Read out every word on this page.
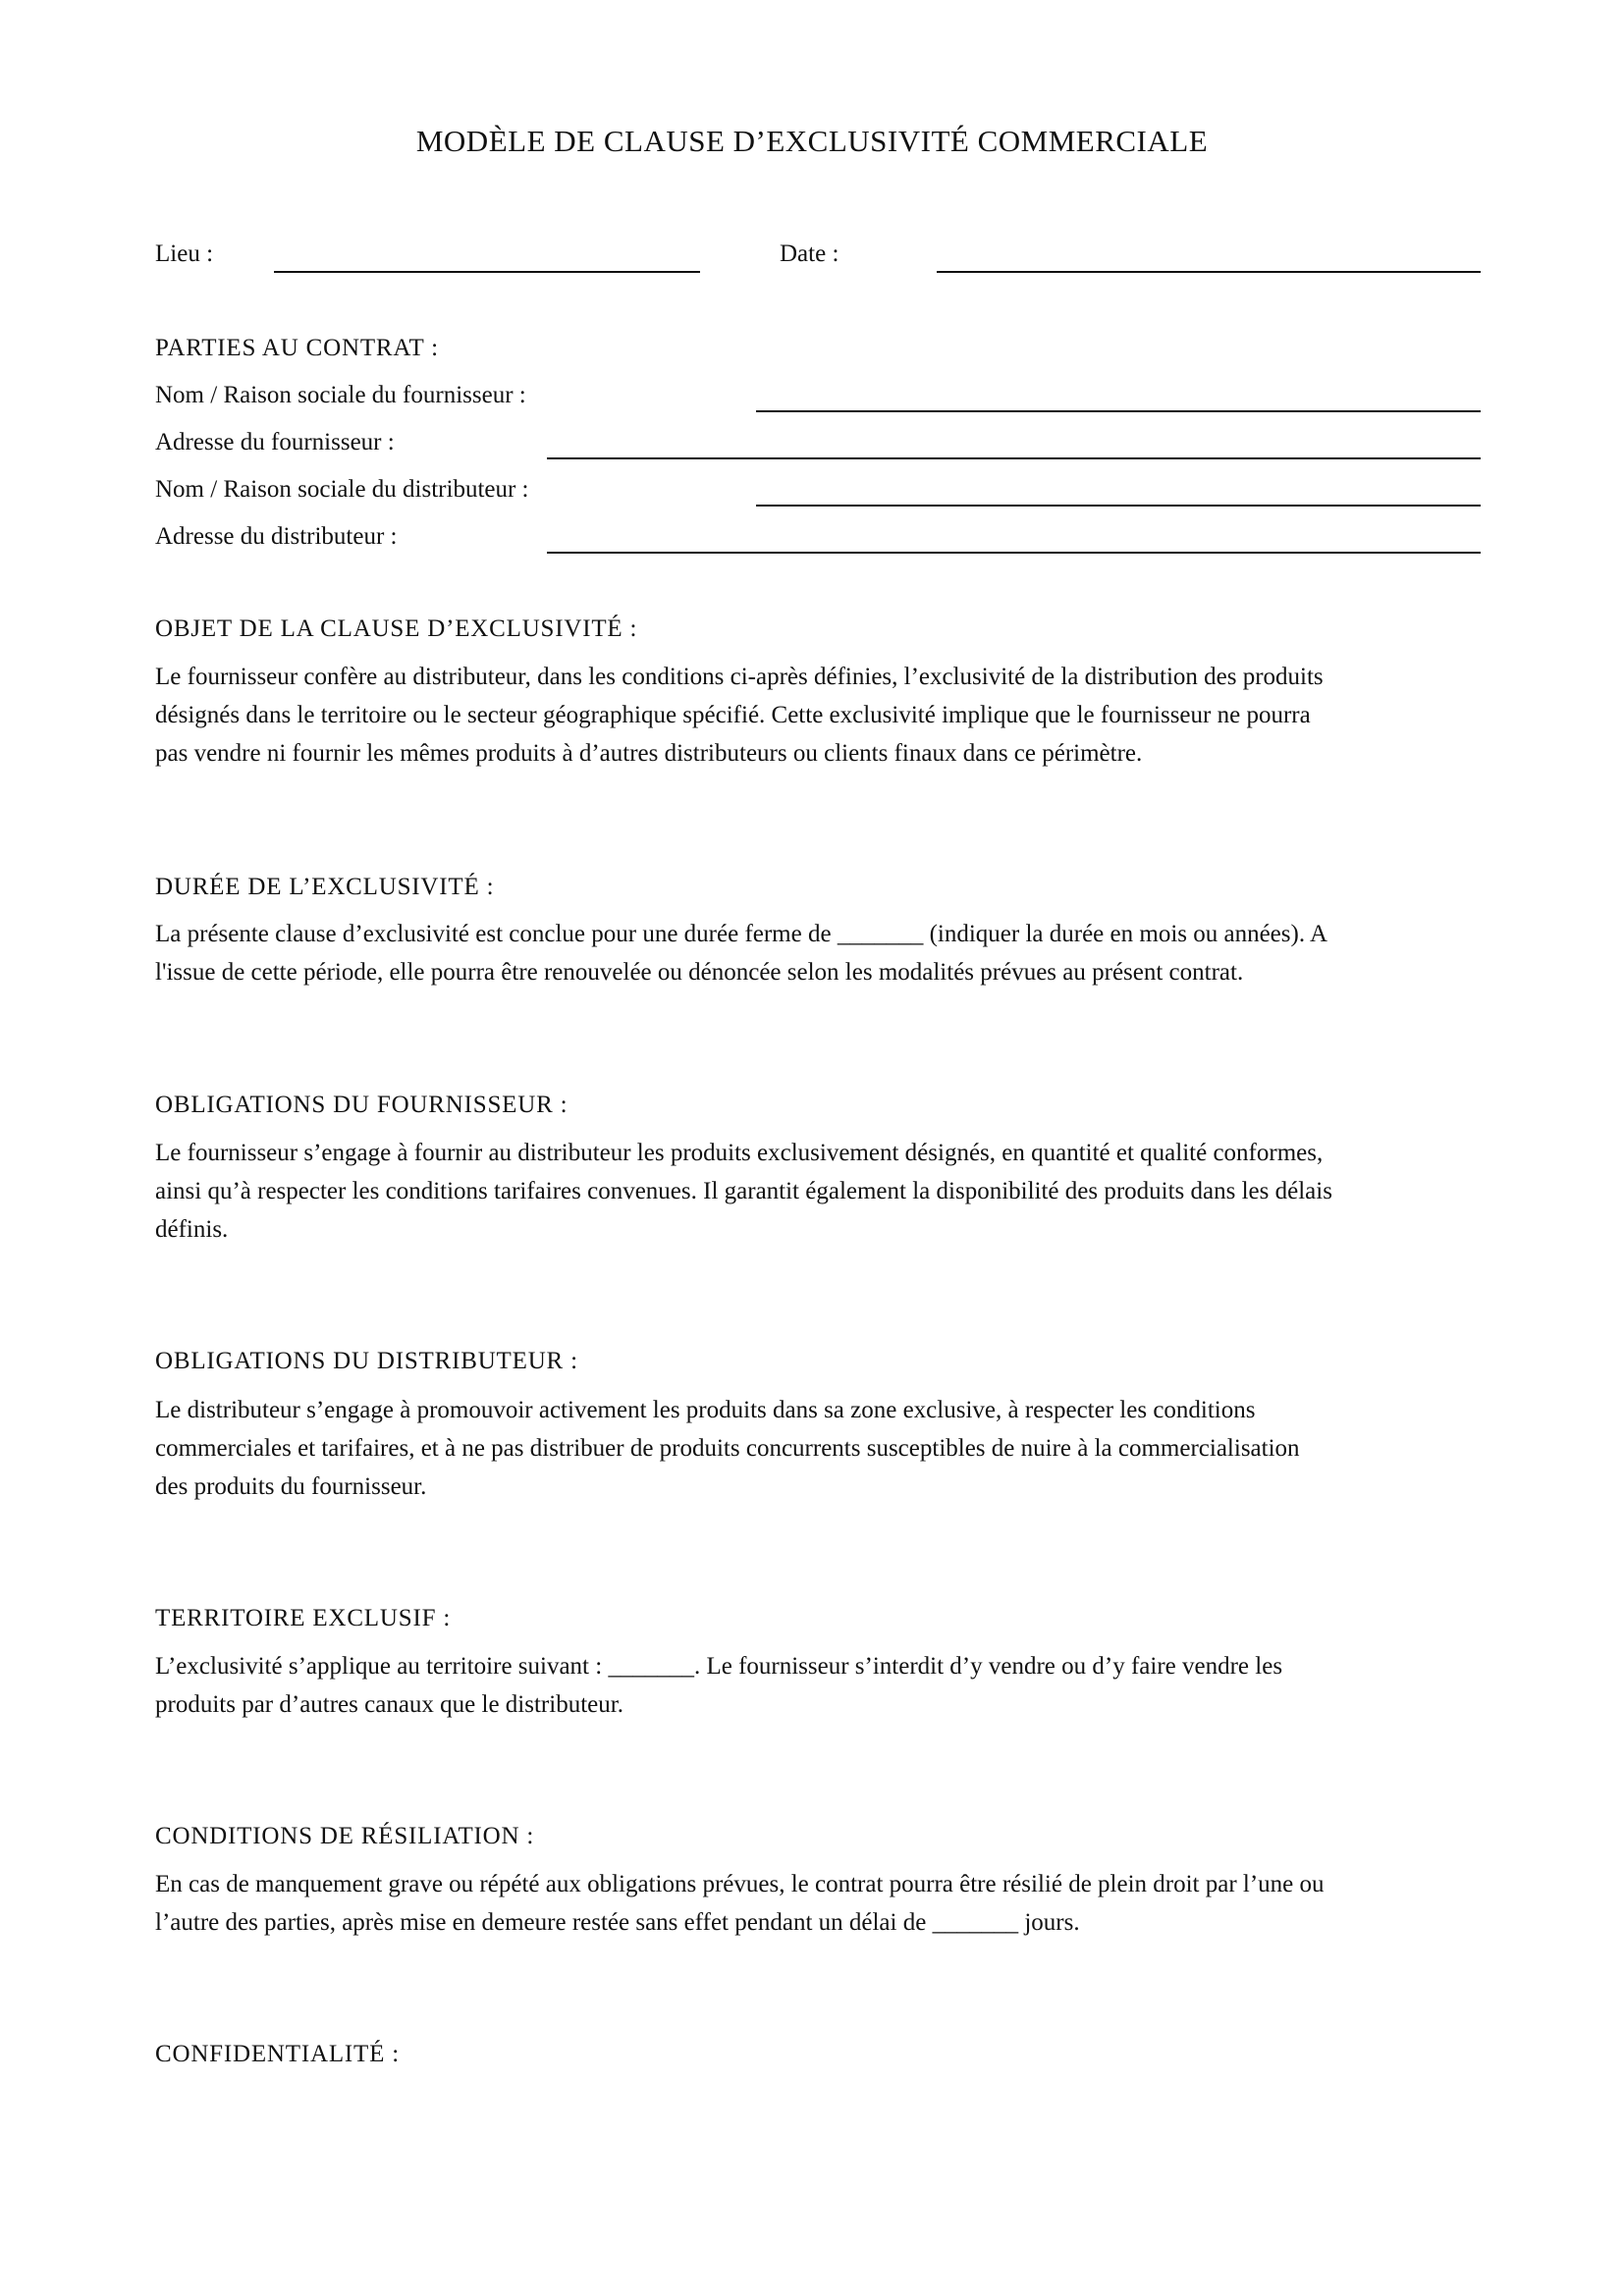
MODÈLE DE CLAUSE D’EXCLUSIVITÉ COMMERCIALE
Lieu :	Date :
PARTIES AU CONTRAT :
Nom / Raison sociale du fournisseur :
Adresse du fournisseur :
Nom / Raison sociale du distributeur :
Adresse du distributeur :
OBJET DE LA CLAUSE D’EXCLUSIVITÉ :

Le fournisseur confère au distributeur, dans les conditions ci-après définies, l’exclusivité de la distribution des produits
désignés dans le territoire ou le secteur géographique spécifié. Cette exclusivité implique que le fournisseur ne pourra
pas vendre ni fournir les mêmes produits à d’autres distributeurs ou clients finaux dans ce périmètre.

DURÉE DE L’EXCLUSIVITÉ :

La présente clause d’exclusivité est conclue pour une durée ferme de _______ (indiquer la durée en mois ou années). A
l'issue de cette période, elle pourra être renouvelée ou dénoncée selon les modalités prévues au présent contrat.

OBLIGATIONS DU FOURNISSEUR :

Le fournisseur s’engage à fournir au distributeur les produits exclusivement désignés, en quantité et qualité conformes,
ainsi qu’à respecter les conditions tarifaires convenues. Il garantit également la disponibilité des produits dans les délais
définis.

OBLIGATIONS DU DISTRIBUTEUR :

Le distributeur s’engage à promouvoir activement les produits dans sa zone exclusive, à respecter les conditions
commerciales et tarifaires, et à ne pas distribuer de produits concurrents susceptibles de nuire à la commercialisation
des produits du fournisseur.

TERRITOIRE EXCLUSIF :

L’exclusivité s’applique au territoire suivant : _______. Le fournisseur s’interdit d’y vendre ou d’y faire vendre les
produits par d’autres canaux que le distributeur.

CONDITIONS DE RÉSILIATION :

En cas de manquement grave ou répété aux obligations prévues, le contrat pourra être résilié de plein droit par l’une ou
l’autre des parties, après mise en demeure restée sans effet pendant un délai de _______ jours.

CONFIDENTIALITÉ :
